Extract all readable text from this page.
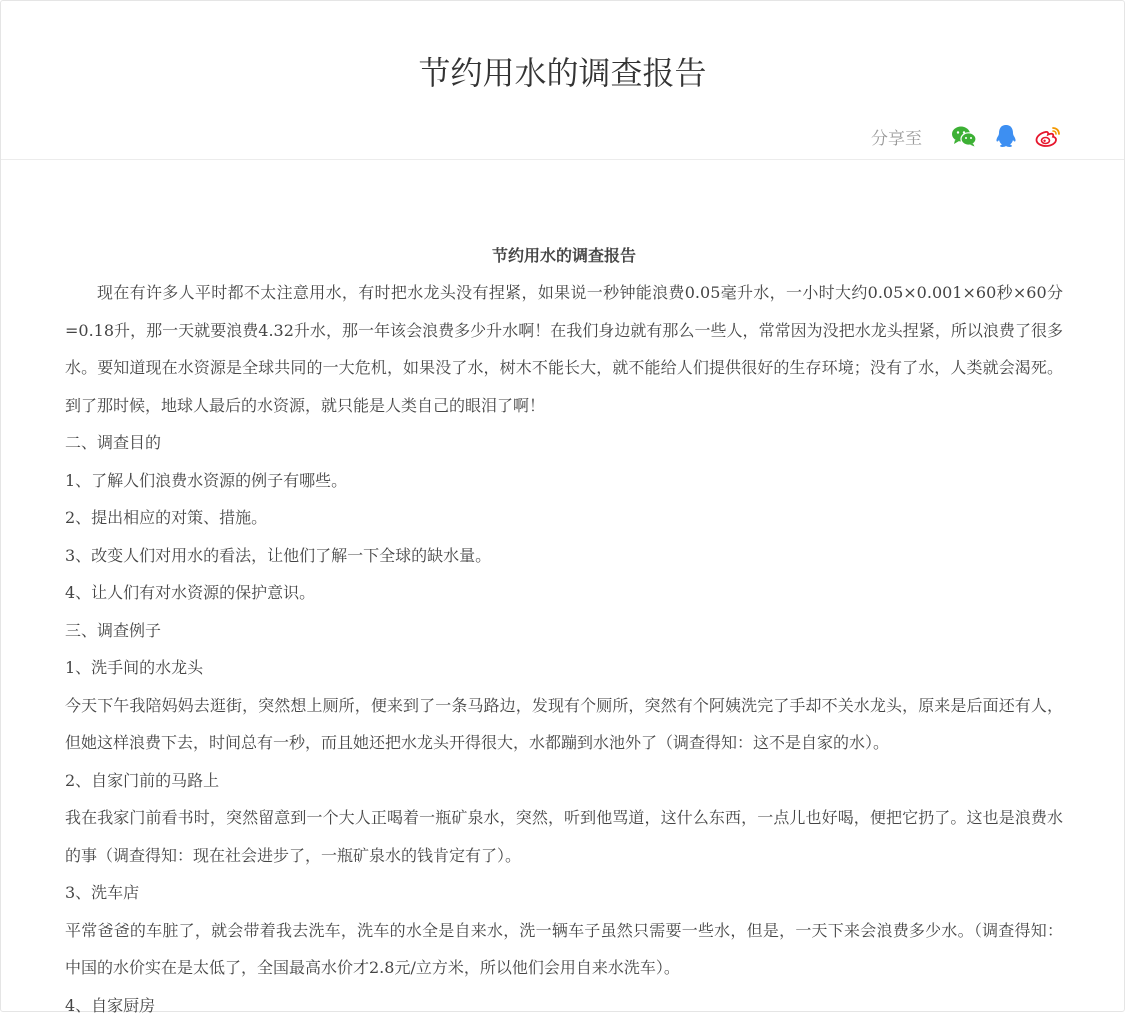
节约用水的调查报告
分享至
节约用水的调查报告

现在有许多人平时都不太注意用水，有时把水龙头没有捏紧，如果说一秒钟能浪费0.05毫升水，一小时大约0.05×0.001×60秒×60分=0.18升，那一天就要浪费4.32升水，那一年该会浪费多少升水啊！在我们身边就有那么一些人，常常因为没把水龙头捏紧，所以浪费了很多水。要知道现在水资源是全球共同的一大危机，如果没了水，树木不能长大，就不能给人们提供很好的生存环境；没有了水，人类就会渴死。到了那时候，地球人最后的水资源，就只能是人类自己的眼泪了啊！

二、调查目的

1、了解人们浪费水资源的例子有哪些。

2、提出相应的对策、措施。

3、改变人们对用水的看法，让他们了解一下全球的缺水量。

4、让人们有对水资源的保护意识。

三、调查例子

1、洗手间的水龙头

今天下午我陪妈妈去逛街，突然想上厕所，便来到了一条马路边，发现有个厕所，突然有个阿姨洗完了手却不关水龙头，原来是后面还有人，但她这样浪费下去，时间总有一秒，而且她还把水龙头开得很大，水都蹦到水池外了（调查得知：这不是自家的水）。

2、自家门前的马路上

我在我家门前看书时，突然留意到一个大人正喝着一瓶矿泉水，突然，听到他骂道，这什么东西，一点儿也好喝，便把它扔了。这也是浪费水的事（调查得知：现在社会进步了，一瓶矿泉水的钱肯定有了）。

3、洗车店

平常爸爸的车脏了，就会带着我去洗车，洗车的水全是自来水，洗一辆车子虽然只需要一些水，但是，一天下来会浪费多少水。（调查得知：中国的水价实在是太低了，全国最高水价才2.8元/立方米，所以他们会用自来水洗车）。

4、自家厨房
